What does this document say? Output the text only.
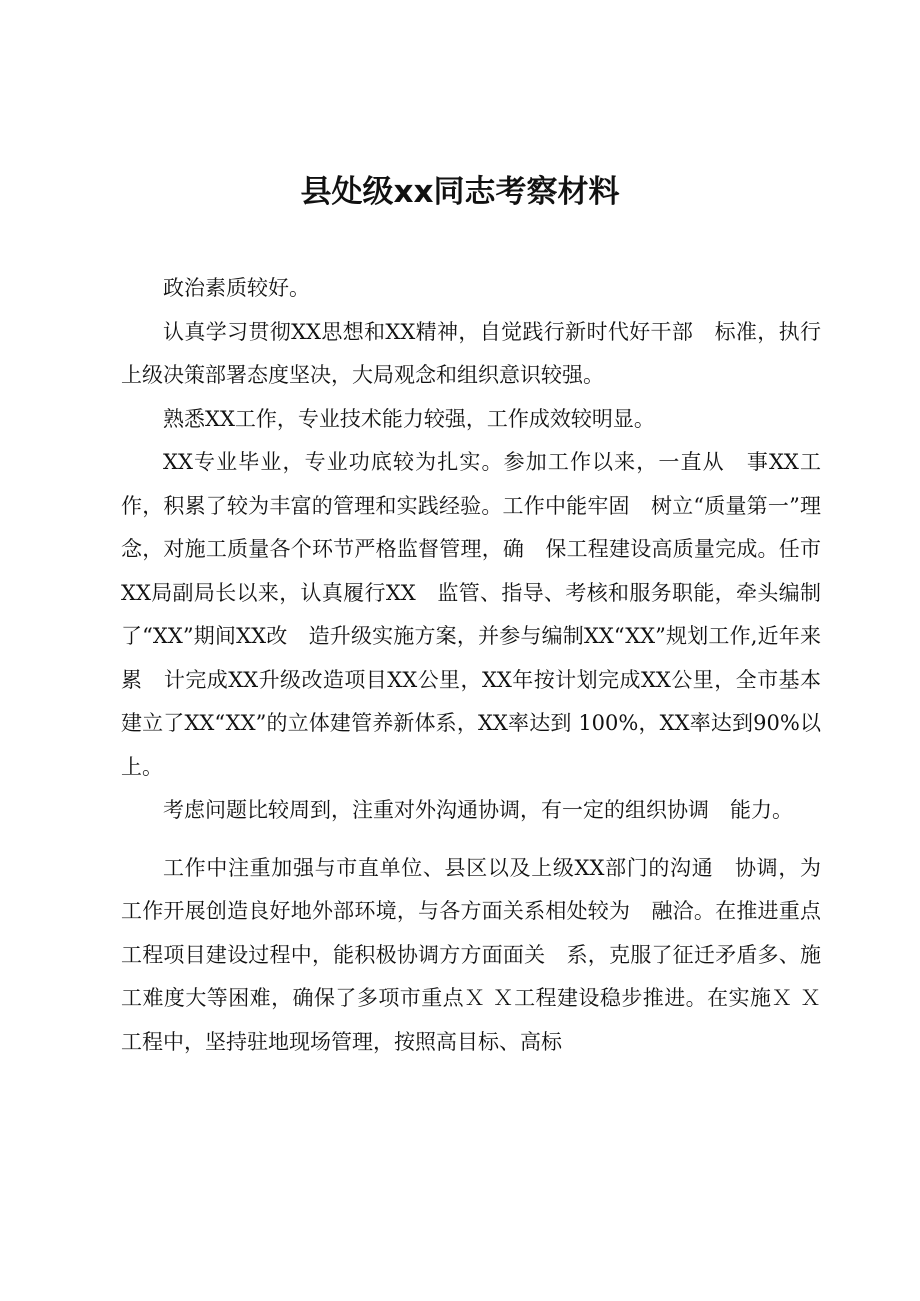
县处级xx同志考察材料

政治素质较好。

认真学习贯彻XX思想和XX精神，自觉践行新时代好干部　标准，执行上级决策部署态度坚决，大局观念和组织意识较强。

熟悉XX工作，专业技术能力较强，工作成效较明显。

XX专业毕业，专业功底较为扎实。参加工作以来，一直从　事XX工作，积累了较为丰富的管理和实践经验。工作中能牢固　树立“质量第一”理念，对施工质量各个环节严格监督管理，确　保工程建设高质量完成。任市XX局副局长以来，认真履行XX　监管、指导、考核和服务职能，牵头编制了“XX”期间XX改　造升级实施方案，并参与编制XX“XX”规划工作,近年来累　计完成XX升级改造项目XX公里，XX年按计划完成XX公里，全市基本建立了XX“XX”的立体建管养新体系，XX率达到 100%，XX率达到90%以上。

考虑问题比较周到，注重对外沟通协调，有一定的组织协调　能力。

工作中注重加强与市直单位、县区以及上级XX部门的沟通　协调，为工作开展创造良好地外部环境，与各方面关系相处较为　融洽。在推进重点工程项目建设过程中，能积极协调方方面面关　系，克服了征迁矛盾多、施工难度大等困难，确保了多项市重点Ｘ Ｘ工程建设稳步推进。在实施Ｘ Ｘ工程中，坚持驻地现场管理，按照高目标、高标
